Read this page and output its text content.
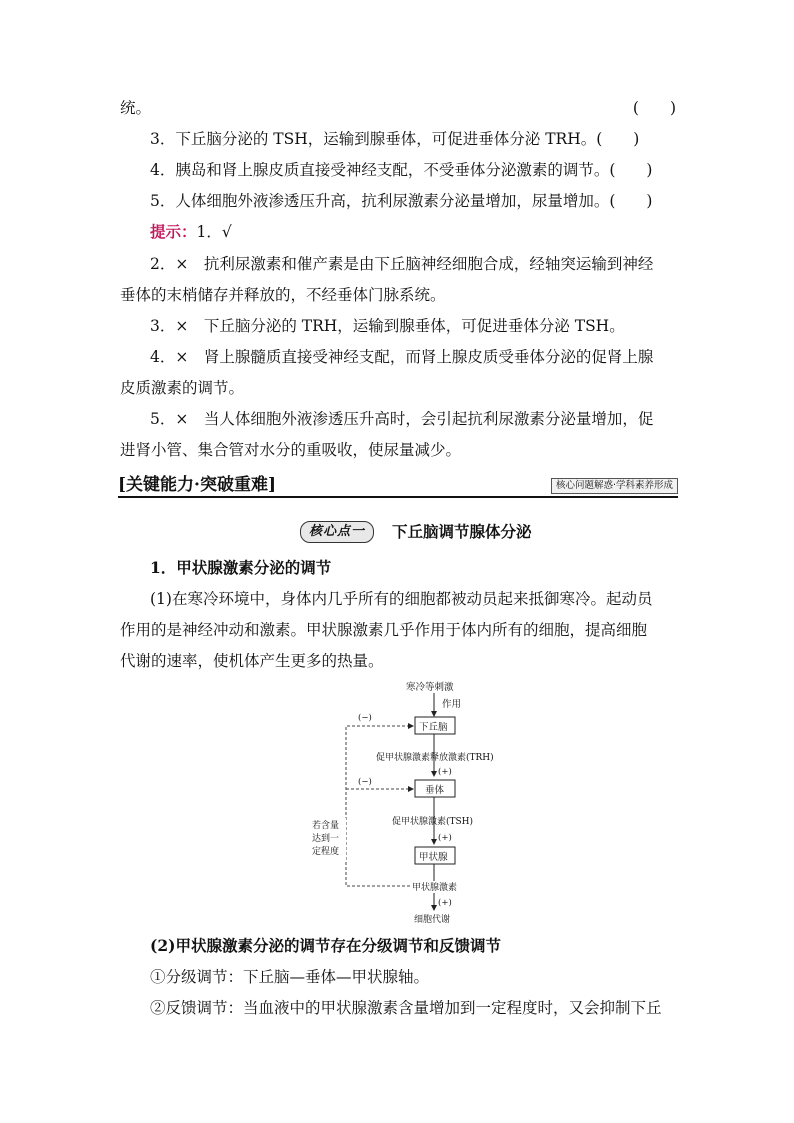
统。	(　　)
3．下丘脑分泌的 TSH，运输到腺垂体，可促进垂体分泌 TRH。(　　)
4．胰岛和肾上腺皮质直接受神经支配，不受垂体分泌激素的调节。(　　)
5．人体细胞外液渗透压升高，抗利尿激素分泌量增加，尿量增加。(　　)
提示：1．√
2．×　抗利尿激素和催产素是由下丘脑神经细胞合成，经轴突运输到神经
垂体的末梢储存并释放的，不经垂体门脉系统。
3．×　下丘脑分泌的 TRH，运输到腺垂体，可促进垂体分泌 TSH。
4．×　肾上腺髓质直接受神经支配，而肾上腺皮质受垂体分泌的促肾上腺
皮质激素的调节。
5．×　当人体细胞外液渗透压升高时，会引起抗利尿激素分泌量增加，促
进肾小管、集合管对水分的重吸收，使尿量减少。
[关键能力·突破重难]	核心问题解惑·学科素养形成
核心点一	下丘脑调节腺体分泌
1．甲状腺激素分泌的调节
(1)在寒冷环境中，身体内几乎所有的细胞都被动员起来抵御寒冷。起动员
作用的是神经冲动和激素。甲状腺激素几乎作用于体内所有的细胞，提高细胞
代谢的速率，使机体产生更多的热量。
寒冷等刺激
作用
下丘脑
促甲状腺激素释放激素(TRH)
(+)
垂体
促甲状腺激素(TSH)
(+)
甲状腺
甲状腺激素
(+)
细胞代谢
(−)
(−)
若含量
达到一
定程度
(2)甲状腺激素分泌的调节存在分级调节和反馈调节
①分级调节：下丘脑—垂体—甲状腺轴。
②反馈调节：当血液中的甲状腺激素含量增加到一定程度时，又会抑制下丘
